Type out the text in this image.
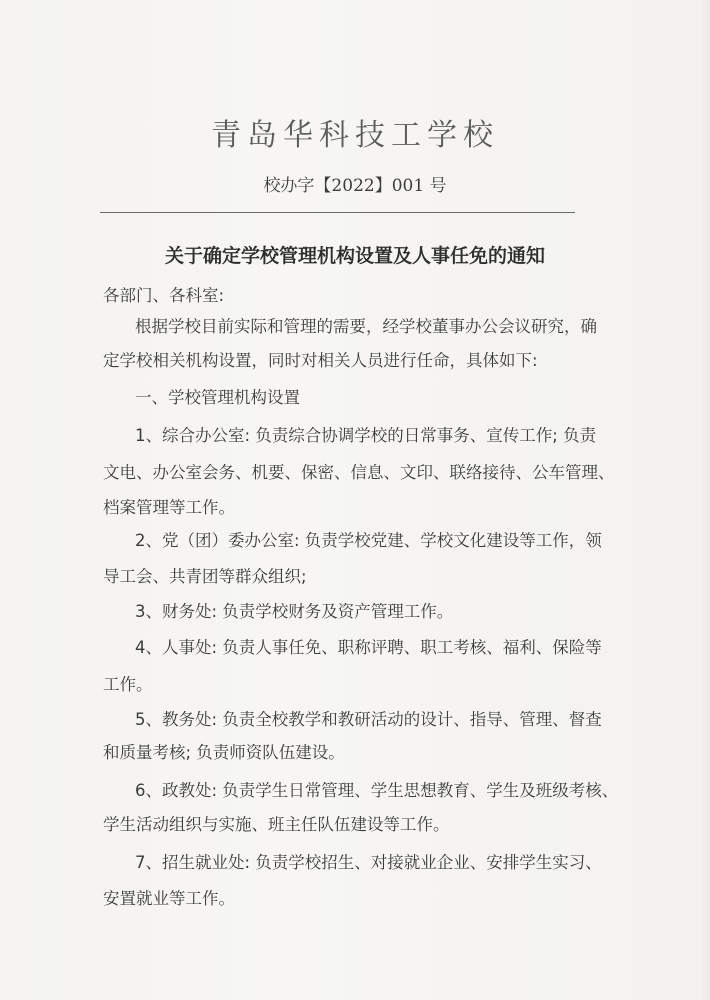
青岛华科技工学校
校办字【2022】001 号
关于确定学校管理机构设置及人事任免的通知
各部门、各科室:
根据学校目前实际和管理的需要，经学校董事办公会议研究，确
定学校相关机构设置，同时对相关人员进行任命，具体如下:
一、学校管理机构设置
1、综合办公室: 负责综合协调学校的日常事务、宣传工作; 负责
文电、办公室会务、机要、保密、信息、文印、联络接待、公车管理、
档案管理等工作。
2、党（团）委办公室: 负责学校党建、学校文化建设等工作，领
导工会、共青团等群众组织;
3、财务处: 负责学校财务及资产管理工作。
4、人事处: 负责人事任免、职称评聘、职工考核、福利、保险等
工作。
5、教务处: 负责全校教学和教研活动的设计、指导、管理、督查
和质量考核; 负责师资队伍建设。
6、政教处: 负责学生日常管理、学生思想教育、学生及班级考核、
学生活动组织与实施、班主任队伍建设等工作。
7、招生就业处: 负责学校招生、对接就业企业、安排学生实习、
安置就业等工作。
